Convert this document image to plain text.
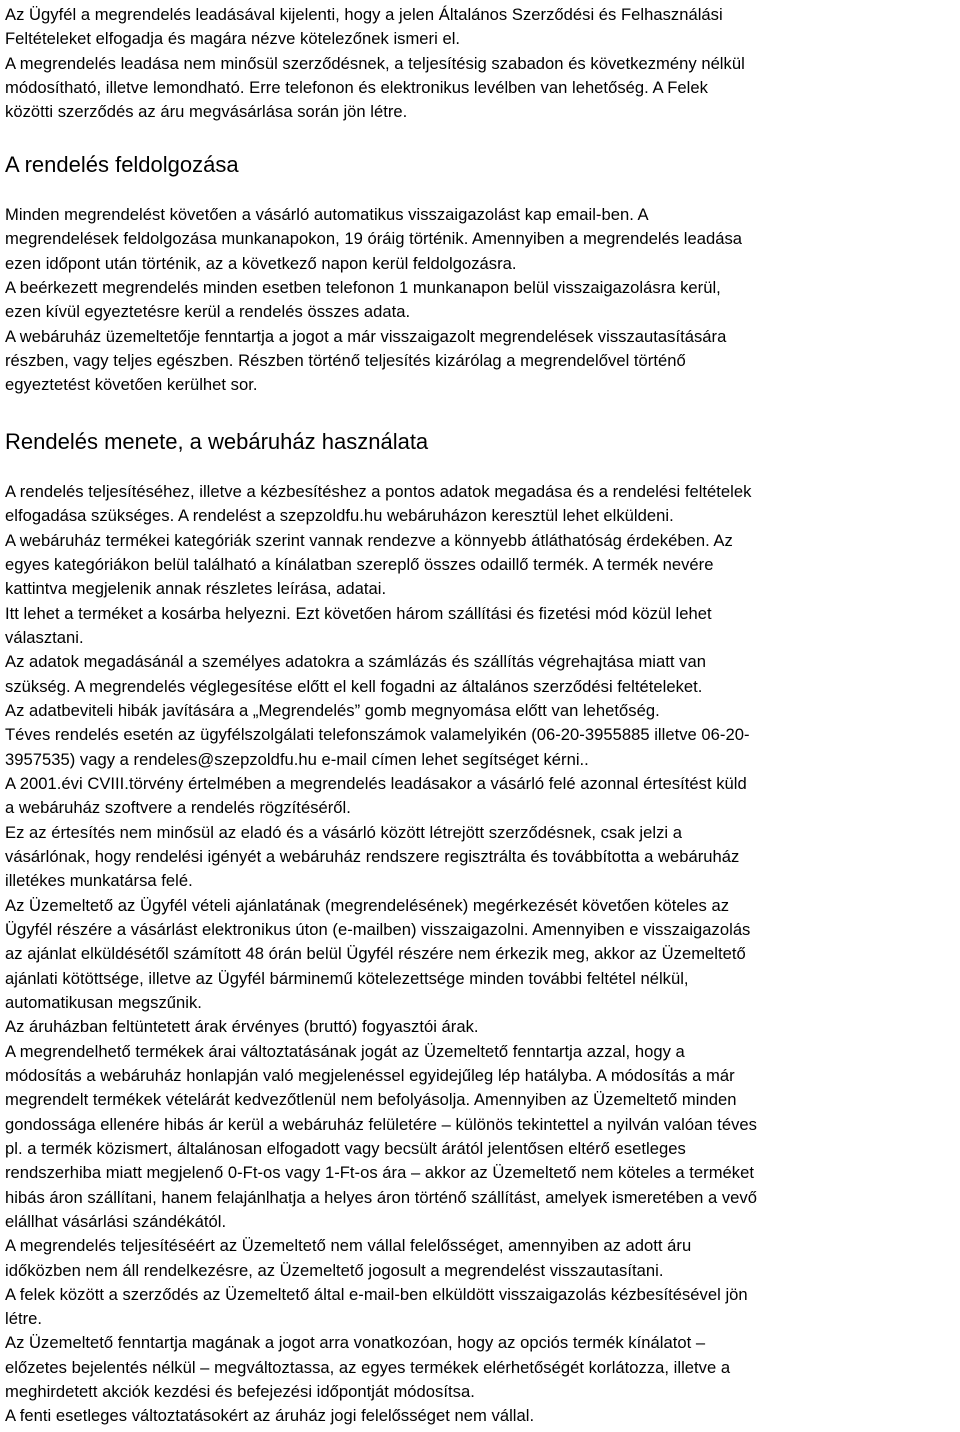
Az Ügyfél a megrendelés leadásával kijelenti, hogy a jelen Általános Szerződési és Felhasználási
Feltételeket elfogadja és magára nézve kötelezőnek ismeri el.
A megrendelés leadása nem minősül szerződésnek, a teljesítésig szabadon és következmény nélkül
módosítható, illetve lemondható. Erre telefonon és elektronikus levélben van lehetőség. A Felek
közötti szerződés az áru megvásárlása során jön létre.
A rendelés feldolgozása
Minden megrendelést követően a vásárló automatikus visszaigazolást kap email-ben. A
megrendelések feldolgozása munkanapokon, 19 óráig történik. Amennyiben a megrendelés leadása
ezen időpont után történik, az a következő napon kerül feldolgozásra.
A beérkezett megrendelés minden esetben telefonon 1 munkanapon belül visszaigazolásra kerül,
ezen kívül egyeztetésre kerül a rendelés összes adata.
A webáruház üzemeltetője fenntartja a jogot a már visszaigazolt megrendelések visszautasítására
részben, vagy teljes egészben. Részben történő teljesítés kizárólag a megrendelővel történő
egyeztetést követően kerülhet sor.
Rendelés menete, a webáruház használata
A rendelés teljesítéséhez, illetve a kézbesítéshez a pontos adatok megadása és a rendelési feltételek
elfogadása szükséges. A rendelést a szepzoldfu.hu webáruházon keresztül lehet elküldeni.
A webáruház termékei kategóriák szerint vannak rendezve a könnyebb átláthatóság érdekében. Az
egyes kategóriákon belül található a kínálatban szereplő összes odaillő termék. A termék nevére
kattintva megjelenik annak részletes leírása, adatai.
Itt lehet a terméket a kosárba helyezni. Ezt követően három szállítási és fizetési mód közül lehet
választani.
Az adatok megadásánál a személyes adatokra a számlázás és szállítás végrehajtása miatt van
szükség. A megrendelés véglegesítése előtt el kell fogadni az általános szerződési feltételeket.
Az adatbeviteli hibák javítására a „Megrendelés” gomb megnyomása előtt van lehetőség.
Téves rendelés esetén az ügyfélszolgálati telefonszámok valamelyikén (06-20-3955885 illetve 06-20-
3957535) vagy a rendeles@szepzoldfu.hu e-mail címen lehet segítséget kérni..
A 2001.évi CVIII.törvény értelmében a megrendelés leadásakor a vásárló felé azonnal értesítést küld
a webáruház szoftvere a rendelés rögzítéséről.
Ez az értesítés nem minősül az eladó és a vásárló között létrejött szerződésnek, csak jelzi a
vásárlónak, hogy rendelési igényét a webáruház rendszere regisztrálta és továbbította a webáruház
illetékes munkatársa felé.
Az Üzemeltető az Ügyfél vételi ajánlatának (megrendelésének) megérkezését követően köteles az
Ügyfél részére a vásárlást elektronikus úton (e-mailben) visszaigazolni. Amennyiben e visszaigazolás
az ajánlat elküldésétől számított 48 órán belül Ügyfél részére nem érkezik meg, akkor az Üzemeltető
ajánlati kötöttsége, illetve az Ügyfél bárminemű kötelezettsége minden további feltétel nélkül,
automatikusan megszűnik.
Az áruházban feltüntetett árak érvényes (bruttó) fogyasztói árak.
A megrendelhető termékek árai változtatásának jogát az Üzemeltető fenntartja azzal, hogy a
módosítás a webáruház honlapján való megjelenéssel egyidejűleg lép hatályba. A módosítás a már
megrendelt termékek vételárát kedvezőtlenül nem befolyásolja. Amennyiben az Üzemeltető minden
gondossága ellenére hibás ár kerül a webáruház felületére – különös tekintettel a nyilván valóan téves
pl. a termék közismert, általánosan elfogadott vagy becsült árától jelentősen eltérő esetleges
rendszerhiba miatt megjelenő 0-Ft-os vagy 1-Ft-os ára – akkor az Üzemeltető nem köteles a terméket
hibás áron szállítani, hanem felajánlhatja a helyes áron történő szállítást, amelyek ismeretében a vevő
elállhat vásárlási szándékától.
A megrendelés teljesítéséért az Üzemeltető nem vállal felelősséget, amennyiben az adott áru
időközben nem áll rendelkezésre, az Üzemeltető jogosult a megrendelést visszautasítani.
A felek között a szerződés az Üzemeltető által e-mail-ben elküldött visszaigazolás kézbesítésével jön
létre.
Az Üzemeltető fenntartja magának a jogot arra vonatkozóan, hogy az opciós termék kínálatot –
előzetes bejelentés nélkül – megváltoztassa, az egyes termékek elérhetőségét korlátozza, illetve a
meghirdetett akciók kezdési és befejezési időpontját módosítsa.
A fenti esetleges változtatásokért az áruház jogi felelősséget nem vállal.
